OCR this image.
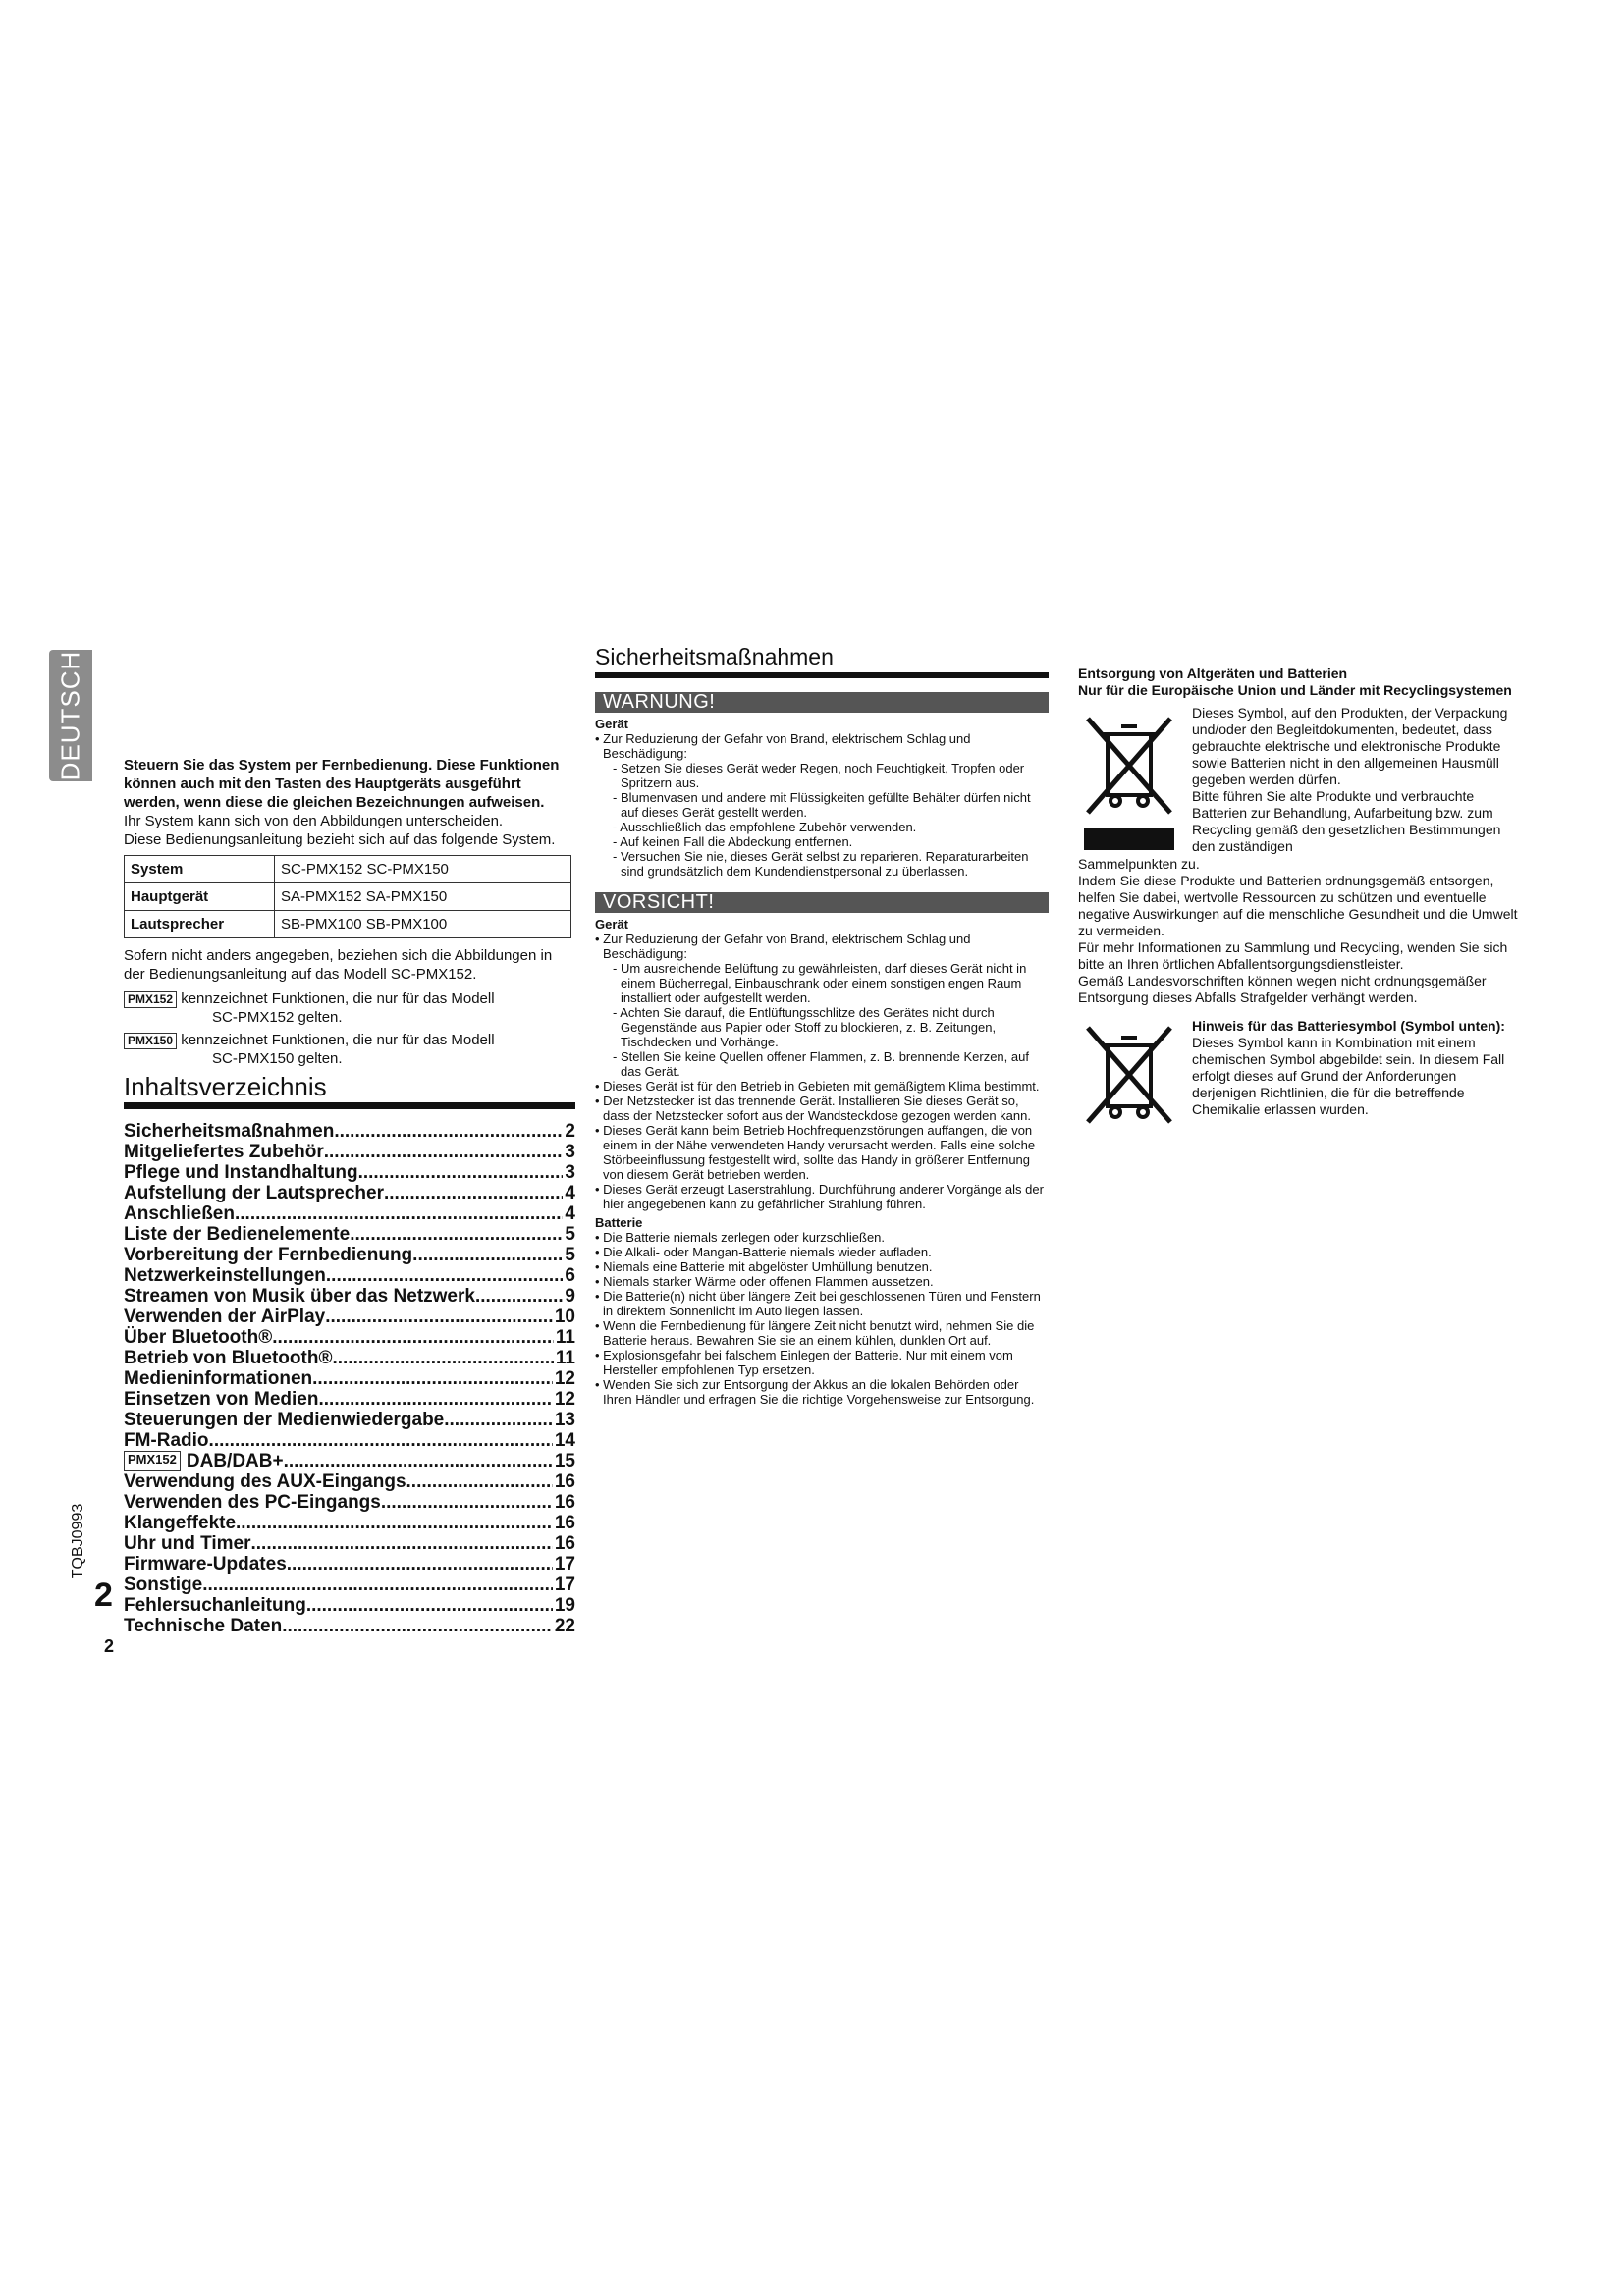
DEUTSCH
TQBJ0993
2
2
Steuern Sie das System per Fernbedienung. Diese Funktionen können auch mit den Tasten des Hauptgeräts ausgeführt werden, wenn diese die gleichen Bezeichnungen aufweisen.
Ihr System kann sich von den Abbildungen unterscheiden.
Diese Bedienungsanleitung bezieht sich auf das folgende System.
System	SC-PMX152 SC-PMX150
Hauptgerät	SA-PMX152 SA-PMX150
Lautsprecher	SB-PMX100 SB-PMX100
Sofern nicht anders angegeben, beziehen sich die Abbildungen in der Bedienungsanleitung auf das Modell SC-PMX152.
PMX152 kennzeichnet Funktionen, die nur für das Modell
SC-PMX152 gelten.
PMX150 kennzeichnet Funktionen, die nur für das Modell
SC-PMX150 gelten.
Inhaltsverzeichnis
Sicherheitsmaßnahmen .....	2
Mitgeliefertes Zubehör .....	3
Pflege und Instandhaltung .....	3
Aufstellung der Lautsprecher .....	4
Anschließen .....	4
Liste der Bedienelemente .....	5
Vorbereitung der Fernbedienung .....	5
Netzwerkeinstellungen .....	6
Streamen von Musik über das Netzwerk .....	9
Verwenden der AirPlay .....	10
Über Bluetooth® .....	11
Betrieb von Bluetooth® .....	11
Medieninformationen .....	12
Einsetzen von Medien .....	12
Steuerungen der Medienwiedergabe .....	13
FM-Radio .....	14
PMX152 DAB/DAB+ .....	15
Verwendung des AUX-Eingangs .....	16
Verwenden des PC-Eingangs .....	16
Klangeffekte .....	16
Uhr und Timer .....	16
Firmware-Updates .....	17
Sonstige .....	17
Fehlersuchanleitung .....	19
Technische Daten .....	22
Sicherheitsmaßnahmen
WARNUNG!
Gerät
• Zur Reduzierung der Gefahr von Brand, elektrischem Schlag und Beschädigung:
- Setzen Sie dieses Gerät weder Regen, noch Feuchtigkeit, Tropfen oder Spritzern aus.
- Blumenvasen und andere mit Flüssigkeiten gefüllte Behälter dürfen nicht auf dieses Gerät gestellt werden.
- Ausschließlich das empfohlene Zubehör verwenden.
- Auf keinen Fall die Abdeckung entfernen.
- Versuchen Sie nie, dieses Gerät selbst zu reparieren. Reparaturarbeiten sind grundsätzlich dem Kundendienstpersonal zu überlassen.
VORSICHT!
Gerät
• Zur Reduzierung der Gefahr von Brand, elektrischem Schlag und Beschädigung:
- Um ausreichende Belüftung zu gewährleisten, darf dieses Gerät nicht in einem Bücherregal, Einbauschrank oder einem sonstigen engen Raum installiert oder aufgestellt werden.
- Achten Sie darauf, die Entlüftungsschlitze des Gerätes nicht durch Gegenstände aus Papier oder Stoff zu blockieren, z. B. Zeitungen, Tischdecken und Vorhänge.
- Stellen Sie keine Quellen offener Flammen, z. B. brennende Kerzen, auf das Gerät.
• Dieses Gerät ist für den Betrieb in Gebieten mit gemäßigtem Klima bestimmt.
• Der Netzstecker ist das trennende Gerät. Installieren Sie dieses Gerät so, dass der Netzstecker sofort aus der Wandsteckdose gezogen werden kann.
• Dieses Gerät kann beim Betrieb Hochfrequenzstörungen auffangen, die von einem in der Nähe verwendeten Handy verursacht werden. Falls eine solche Störbeeinflussung festgestellt wird, sollte das Handy in größerer Entfernung von diesem Gerät betrieben werden.
• Dieses Gerät erzeugt Laserstrahlung. Durchführung anderer Vorgänge als der hier angegebenen kann zu gefährlicher Strahlung führen.
Batterie
• Die Batterie niemals zerlegen oder kurzschließen.
• Die Alkali- oder Mangan-Batterie niemals wieder aufladen.
• Niemals eine Batterie mit abgelöster Umhüllung benutzen.
• Niemals starker Wärme oder offenen Flammen aussetzen.
• Die Batterie(n) nicht über längere Zeit bei geschlossenen Türen und Fenstern in direktem Sonnenlicht im Auto liegen lassen.
• Wenn die Fernbedienung für längere Zeit nicht benutzt wird, nehmen Sie die Batterie heraus. Bewahren Sie sie an einem kühlen, dunklen Ort auf.
• Explosionsgefahr bei falschem Einlegen der Batterie. Nur mit einem vom Hersteller empfohlenen Typ ersetzen.
• Wenden Sie sich zur Entsorgung der Akkus an die lokalen Behörden oder Ihren Händler und erfragen Sie die richtige Vorgehensweise zur Entsorgung.
Entsorgung von Altgeräten und Batterien
Nur für die Europäische Union und Länder mit Recyclingsystemen
Dieses Symbol, auf den Produkten, der Verpackung und/oder den Begleitdokumenten, bedeutet, dass gebrauchte elektrische und elektronische Produkte sowie Batterien nicht in den allgemeinen Hausmüll gegeben werden dürfen.
Bitte führen Sie alte Produkte und verbrauchte Batterien zur Behandlung, Aufarbeitung bzw. zum Recycling gemäß den gesetzlichen Bestimmungen den zuständigen
Sammelpunkten zu.
Indem Sie diese Produkte und Batterien ordnungsgemäß entsorgen, helfen Sie dabei, wertvolle Ressourcen zu schützen und eventuelle negative Auswirkungen auf die menschliche Gesundheit und die Umwelt zu vermeiden.
Für mehr Informationen zu Sammlung und Recycling, wenden Sie sich bitte an Ihren örtlichen Abfallentsorgungsdienstleister.
Gemäß Landesvorschriften können wegen nicht ordnungsgemäßer Entsorgung dieses Abfalls Strafgelder verhängt werden.
Hinweis für das Batteriesymbol (Symbol unten):
Dieses Symbol kann in Kombination mit einem chemischen Symbol abgebildet sein. In diesem Fall erfolgt dieses auf Grund der Anforderungen derjenigen Richtlinien, die für die betreffende Chemikalie erlassen wurden.
